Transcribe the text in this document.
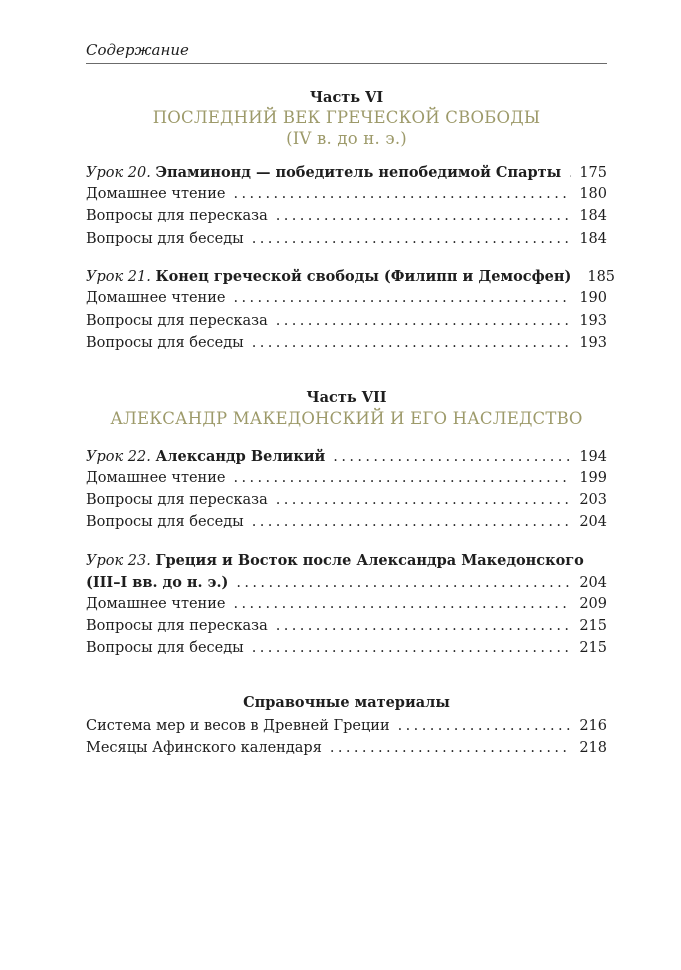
Содержание
Часть VI
ПОСЛЕДНИЙ ВЕК ГРЕЧЕСКОЙ СВОБОДЫ
(IV в. до н. э.)
Урок 20. Эпаминонд — победитель непобедимой Спарты . . . 175
Домашнее чтение . . .	180
Вопросы для пересказа . . .	184
Вопросы для беседы . . .	184
Урок 21. Конец греческой свободы (Филипп и Демосфен) 185
Домашнее чтение . . .	190
Вопросы для пересказа . . .	193
Вопросы для беседы . . .	193
Часть VII
АЛЕКСАНДР МАКЕДОНСКИЙ И ЕГО НАСЛЕДСТВО
Урок 22. Александр Великий . . .	194
Домашнее чтение . . .	199
Вопросы для пересказа . . .	203
Вопросы для беседы . . .	204
Урок 23. Греция и Восток после Александра Македонского
(III–I вв. до н. э.) . . .	204
Домашнее чтение . . .	209
Вопросы для пересказа . . .	215
Вопросы для беседы . . .	215
Справочные материалы
Система мер и весов в Древней Греции . . .	216
Месяцы Афинского календаря . . .	218
